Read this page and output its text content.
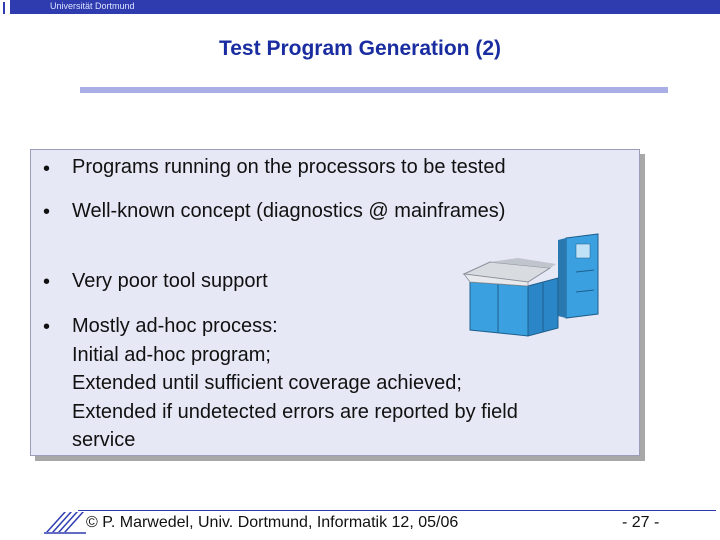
Universität Dortmund
Test Program Generation (2)
• Programs running on the processors to be tested
• Well-known concept (diagnostics @ mainframes)
• Very poor tool support
• Mostly ad-hoc process:
Initial ad-hoc program;
Extended until sufficient coverage achieved;
Extended if undetected errors are reported by field
service
© P. Marwedel, Univ. Dortmund, Informatik 12, 05/06	- 27 -
